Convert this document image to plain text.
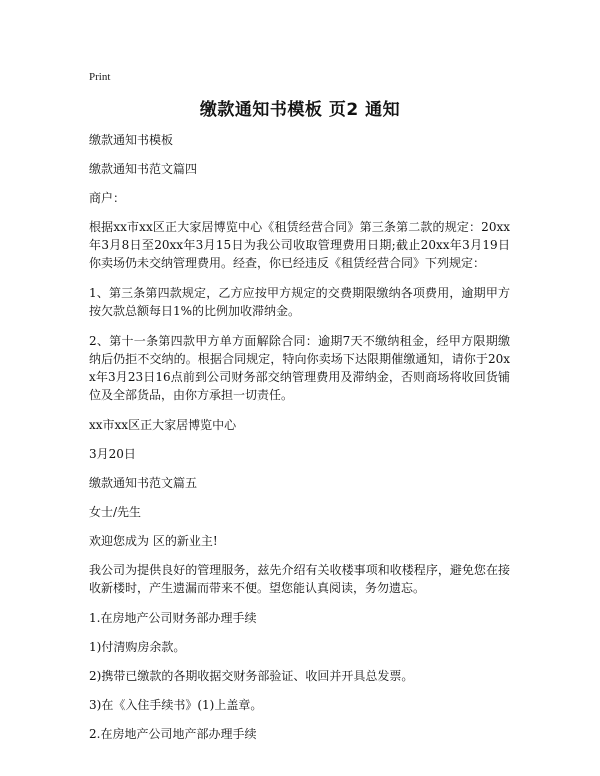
Print
缴款通知书模板 页2 通知

缴款通知书模板

缴款通知书范文篇四

商户：

根据xx市xx区正大家居博览中心《租赁经营合同》第三条第二款的规定：20xx年3月8日至20xx年3月15日为我公司收取管理费用日期;截止20xx年3月19日你卖场仍未交纳管理费用。经查，你已经违反《租赁经营合同》下列规定：

1、第三条第四款规定，乙方应按甲方规定的交费期限缴纳各项费用，逾期甲方按欠款总额每日1%的比例加收滞纳金。

2、第十一条第四款甲方单方面解除合同：逾期7天不缴纳租金，经甲方限期缴纳后仍拒不交纳的。根据合同规定，特向你卖场下达限期催缴通知，请你于20xx年3月23日16点前到公司财务部交纳管理费用及滞纳金，否则商场将收回货铺位及全部货品，由你方承担一切责任。

xx市xx区正大家居博览中心

3月20日

缴款通知书范文篇五

女士/先生

欢迎您成为 区的新业主!

我公司为提供良好的管理服务，兹先介绍有关收楼事项和收楼程序，避免您在接收新楼时，产生遗漏而带来不便。望您能认真阅读，务勿遗忘。

1.在房地产公司财务部办理手续

1)付清购房余款。

2)携带已缴款的各期收据交财务部验证、收回并开具总发票。

3)在《入住手续书》(1)上盖章。

2.在房地产公司地产部办理手续
